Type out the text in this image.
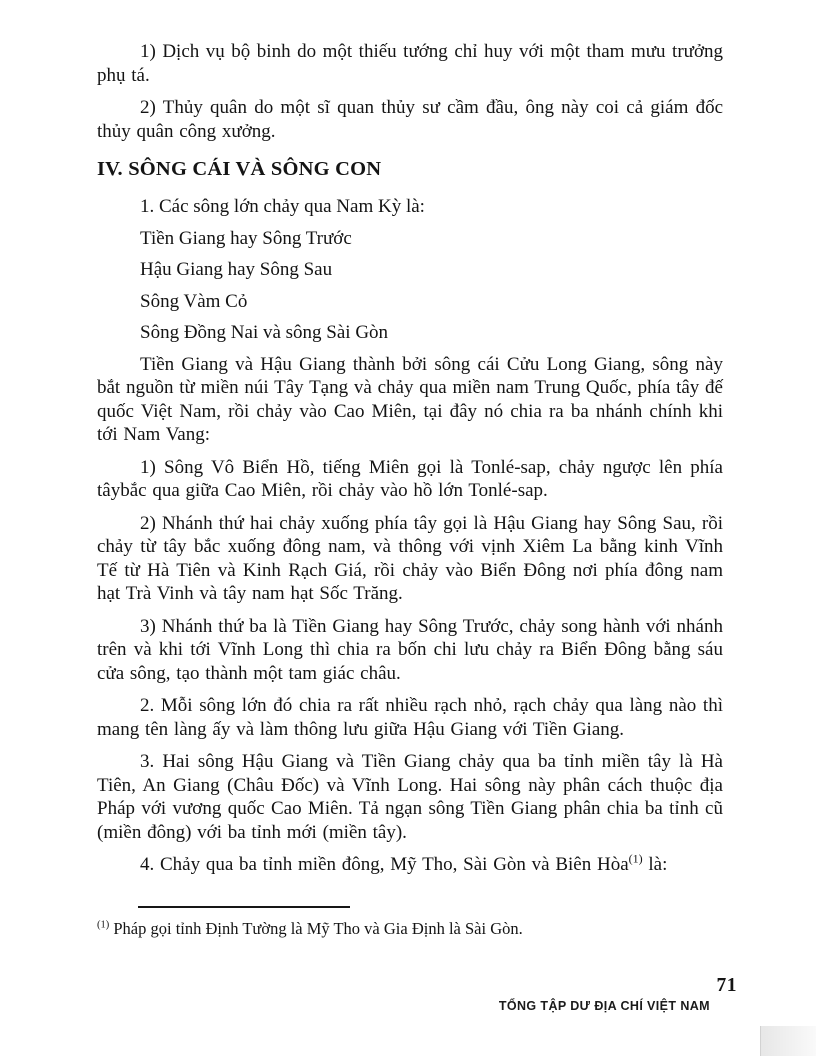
1) Dịch vụ bộ binh do một thiếu tướng chỉ huy với một tham mưu trưởng phụ tá.

2) Thủy quân do một sĩ quan thủy sư cầm đầu, ông này coi cả giám đốc thủy quân công xưởng.

IV. SÔNG CÁI VÀ SÔNG CON

1. Các sông lớn chảy qua Nam Kỳ là:

Tiền Giang hay Sông Trước

Hậu Giang hay Sông Sau

Sông Vàm Cỏ

Sông Đồng Nai và sông Sài Gòn

Tiền Giang và Hậu Giang thành bởi sông cái Cửu Long Giang, sông này bắt nguồn từ miền núi Tây Tạng và chảy qua miền nam Trung Quốc, phía tây đế quốc Việt Nam, rồi chảy vào Cao Miên, tại đây nó chia ra ba nhánh chính khi tới Nam Vang:

1) Sông Vô Biển Hồ, tiếng Miên gọi là Tonlé-sap, chảy ngược lên phía tâybắc qua giữa Cao Miên, rồi chảy vào hồ lớn Tonlé-sap.

2) Nhánh thứ hai chảy xuống phía tây gọi là Hậu Giang hay Sông Sau, rồi chảy từ tây bắc xuống đông nam, và thông với vịnh Xiêm La bằng kinh Vĩnh Tế từ Hà Tiên và Kinh Rạch Giá, rồi chảy vào Biển Đông nơi phía đông nam hạt Trà Vinh và tây nam hạt Sốc Trăng.

3) Nhánh thứ ba là Tiền Giang hay Sông Trước, chảy song hành với nhánh trên và khi tới Vĩnh Long thì chia ra bốn chi lưu chảy ra Biển Đông bằng sáu cửa sông, tạo thành một tam giác châu.

2. Mỗi sông lớn đó chia ra rất nhiều rạch nhỏ, rạch chảy qua làng nào thì mang tên làng ấy và làm thông lưu giữa Hậu Giang với Tiền Giang.

3. Hai sông Hậu Giang và Tiền Giang chảy qua ba tỉnh miền tây là Hà Tiên, An Giang (Châu Đốc) và Vĩnh Long. Hai sông này phân cách thuộc địa Pháp với vương quốc Cao Miên. Tả ngạn sông Tiền Giang phân chia ba tỉnh cũ (miền đông) với ba tỉnh mới (miền tây).

4. Chảy qua ba tỉnh miền đông, Mỹ Tho, Sài Gòn và Biên Hòa$^{(1)}$ là:

$^{(1)}$ Pháp gọi tỉnh Định Tường là Mỹ Tho và Gia Định là Sài Gòn.

71
TỔNG TẬP DƯ ĐỊA CHÍ VIỆT NAM
